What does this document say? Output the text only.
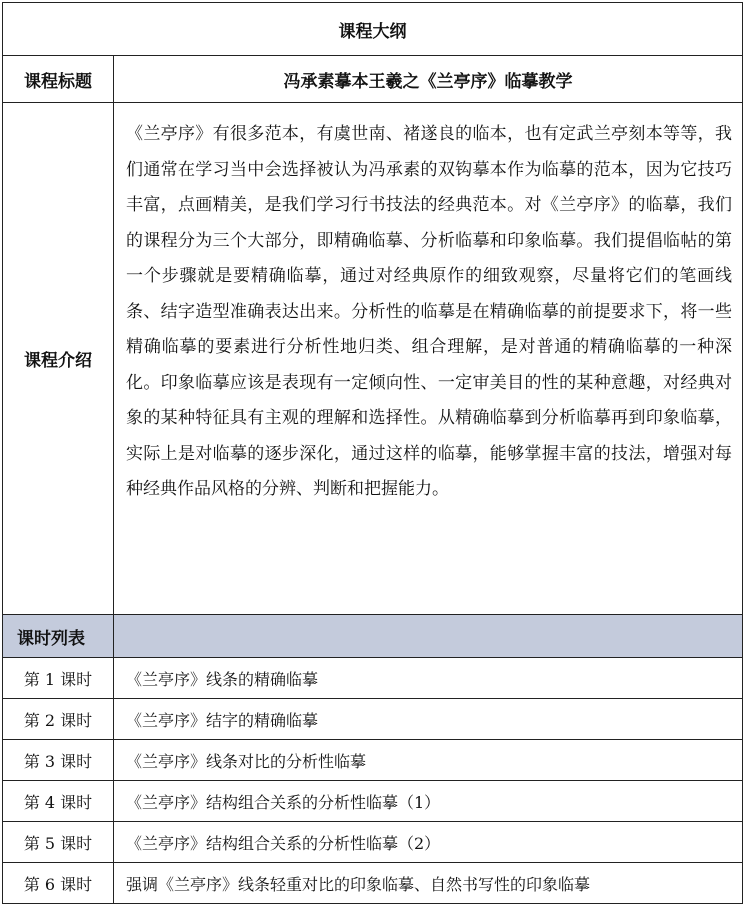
课程大纲	
课程标题	冯承素摹本王羲之《兰亭序》临摹教学
课程介绍	《兰亭序》有很多范本，有虞世南、褚遂良的临本，也有定武兰亭刻本等等，我们通常在学习当中会选择被认为冯承素的双钩摹本作为临摹的范本，因为它技巧丰富，点画精美，是我们学习行书技法的经典范本。对《兰亭序》的临摹，我们的课程分为三个大部分，即精确临摹、分析临摹和印象临摹。我们提倡临帖的第一个步骤就是要精确临摹，通过对经典原作的细致观察，尽量将它们的笔画线条、结字造型准确表达出来。分析性的临摹是在精确临摹的前提要求下，将一些精确临摹的要素进行分析性地归类、组合理解，是对普通的精确临摹的一种深化。印象临摹应该是表现有一定倾向性、一定审美目的性的某种意趣，对经典对象的某种特征具有主观的理解和选择性。从精确临摹到分析临摹再到印象临摹，实际上是对临摹的逐步深化，通过这样的临摹，能够掌握丰富的技法，增强对每种经典作品风格的分辨、判断和把握能力。
课时列表	
第 1 课时	《兰亭序》线条的精确临摹
第 2 课时	《兰亭序》结字的精确临摹
第 3 课时	《兰亭序》线条对比的分析性临摹
第 4 课时	《兰亭序》结构组合关系的分析性临摹（1）
第 5 课时	《兰亭序》结构组合关系的分析性临摹（2）
第 6 课时	强调《兰亭序》线条轻重对比的印象临摹、自然书写性的印象临摹
